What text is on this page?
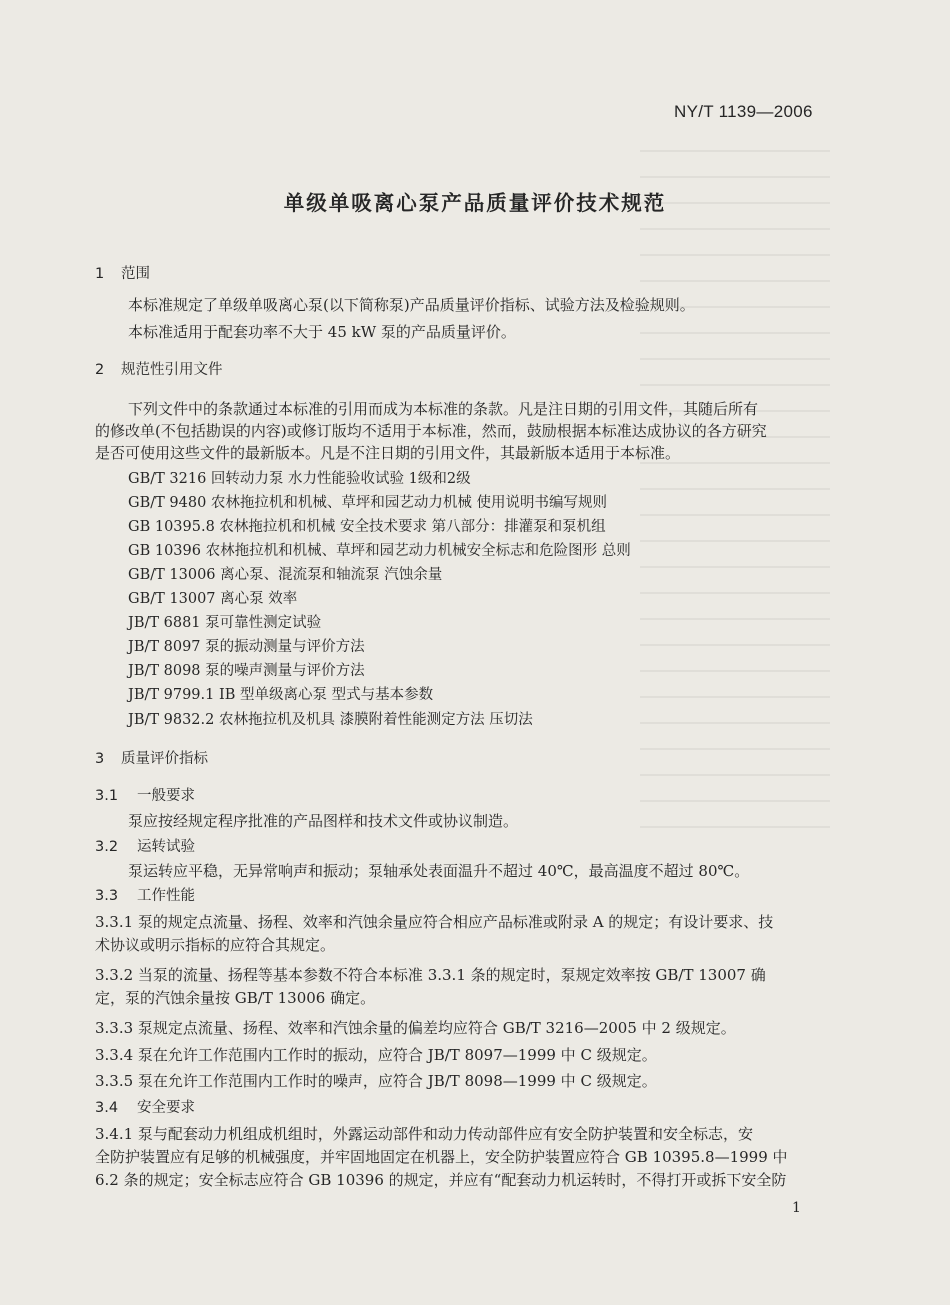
NY/T 1139—2006
单级单吸离心泵产品质量评价技术规范
1 范围
本标准规定了单级单吸离心泵(以下简称泵)产品质量评价指标、试验方法及检验规则。
本标准适用于配套功率不大于 45 kW 泵的产品质量评价。
2 规范性引用文件
下列文件中的条款通过本标准的引用而成为本标准的条款。凡是注日期的引用文件，其随后所有
的修改单(不包括勘误的内容)或修订版均不适用于本标准，然而，鼓励根据本标准达成协议的各方研究
是否可使用这些文件的最新版本。凡是不注日期的引用文件，其最新版本适用于本标准。
GB/T 3216 回转动力泵 水力性能验收试验 1级和2级
GB/T 9480 农林拖拉机和机械、草坪和园艺动力机械 使用说明书编写规则
GB 10395.8 农林拖拉机和机械 安全技术要求 第八部分：排灌泵和泵机组
GB 10396 农林拖拉机和机械、草坪和园艺动力机械安全标志和危险图形 总则
GB/T 13006 离心泵、混流泵和轴流泵 汽蚀余量
GB/T 13007 离心泵 效率
JB/T 6881 泵可靠性测定试验
JB/T 8097 泵的振动测量与评价方法
JB/T 8098 泵的噪声测量与评价方法
JB/T 9799.1 IB 型单级离心泵 型式与基本参数
JB/T 9832.2 农林拖拉机及机具 漆膜附着性能测定方法 压切法
3 质量评价指标
3.1 一般要求
泵应按经规定程序批准的产品图样和技术文件或协议制造。
3.2 运转试验
泵运转应平稳，无异常响声和振动；泵轴承处表面温升不超过 40℃，最高温度不超过 80℃。
3.3 工作性能
3.3.1 泵的规定点流量、扬程、效率和汽蚀余量应符合相应产品标准或附录 A 的规定；有设计要求、技
术协议或明示指标的应符合其规定。
3.3.2 当泵的流量、扬程等基本参数不符合本标准 3.3.1 条的规定时，泵规定效率按 GB/T 13007 确
定，泵的汽蚀余量按 GB/T 13006 确定。
3.3.3 泵规定点流量、扬程、效率和汽蚀余量的偏差均应符合 GB/T 3216—2005 中 2 级规定。
3.3.4 泵在允许工作范围内工作时的振动，应符合 JB/T 8097—1999 中 C 级规定。
3.3.5 泵在允许工作范围内工作时的噪声，应符合 JB/T 8098—1999 中 C 级规定。
3.4 安全要求
3.4.1 泵与配套动力机组成机组时，外露运动部件和动力传动部件应有安全防护装置和安全标志，安
全防护装置应有足够的机械强度，并牢固地固定在机器上，安全防护装置应符合 GB 10395.8—1999 中
6.2 条的规定；安全标志应符合 GB 10396 的规定，并应有“配套动力机运转时，不得打开或拆下安全防
1
